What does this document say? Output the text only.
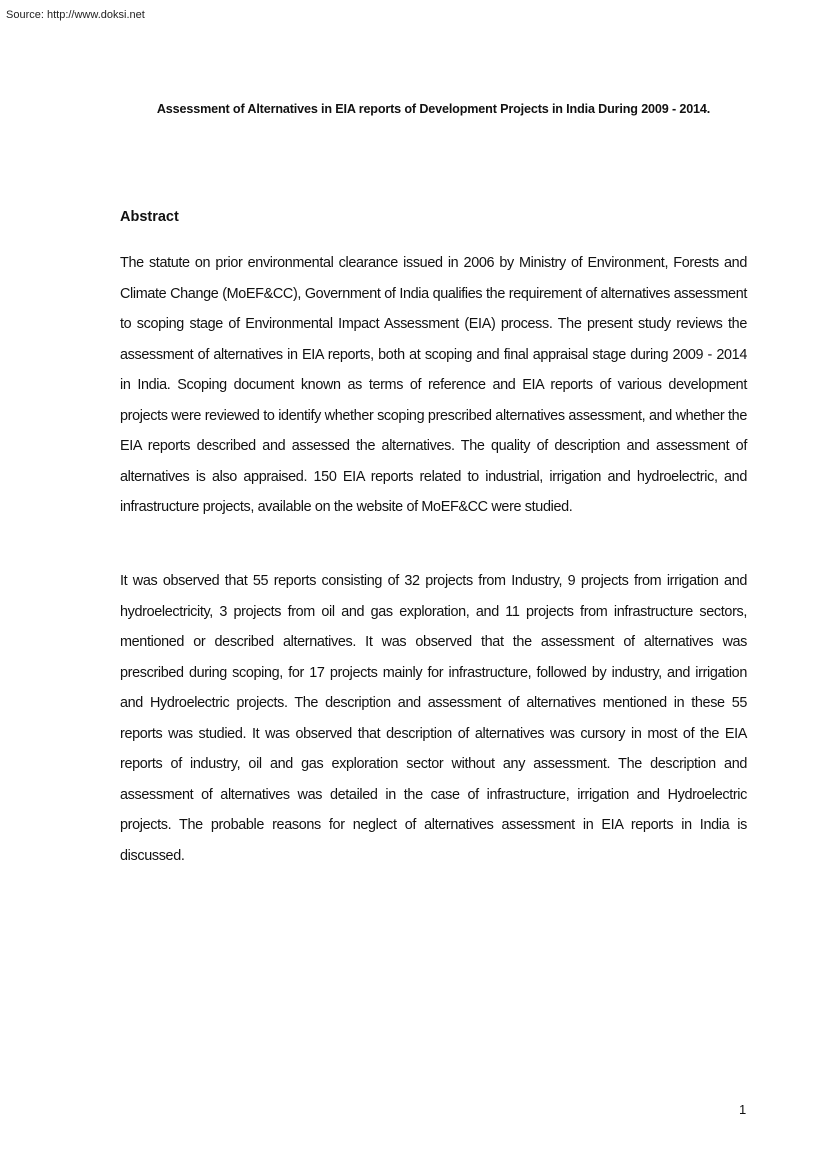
Source: http://www.doksi.net
Assessment of Alternatives in EIA reports of Development Projects in India During 2009 - 2014.
Abstract

The statute on prior environmental clearance issued in 2006 by Ministry of Environment, Forests and Climate Change (MoEF&CC), Government of India qualifies the requirement of alternatives assessment to scoping stage of Environmental Impact Assessment (EIA) process. The present study reviews the assessment of alternatives in EIA reports, both at scoping and final appraisal stage during 2009 - 2014 in India. Scoping document known as terms of reference and EIA reports of various development projects were reviewed to identify whether scoping prescribed alternatives assessment, and whether the EIA reports described and assessed the alternatives. The quality of description and assessment of alternatives is also appraised. 150 EIA reports related to industrial, irrigation and hydroelectric, and infrastructure projects, available on the website of MoEF&CC were studied.

It was observed that 55 reports consisting of 32 projects from Industry, 9 projects from irrigation and hydroelectricity, 3 projects from oil and gas exploration, and 11 projects from infrastructure sectors, mentioned or described alternatives. It was observed that the assessment of alternatives was prescribed during scoping, for 17 projects mainly for infrastructure, followed by industry, and irrigation and Hydroelectric projects. The description and assessment of alternatives mentioned in these 55 reports was studied. It was observed that description of alternatives was cursory in most of the EIA reports of industry, oil and gas exploration sector without any assessment. The description and assessment of alternatives was detailed in the case of infrastructure, irrigation and Hydroelectric projects. The probable reasons for neglect of alternatives assessment in EIA reports in India is discussed.

1
